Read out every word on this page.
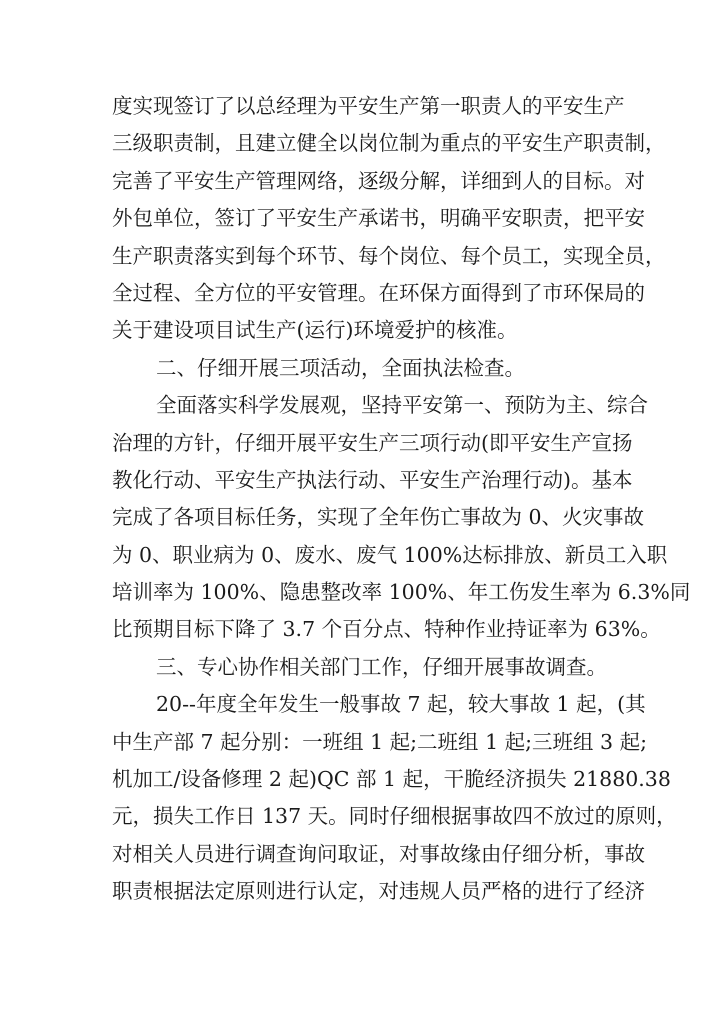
度实现签订了以总经理为平安生产第一职责人的平安生产
三级职责制，且建立健全以岗位制为重点的平安生产职责制，
完善了平安生产管理网络，逐级分解，详细到人的目标。对
外包单位，签订了平安生产承诺书，明确平安职责，把平安
生产职责落实到每个环节、每个岗位、每个员工，实现全员，
全过程、全方位的平安管理。在环保方面得到了市环保局的
关于建设项目试生产(运行)环境爱护的核准。
二、仔细开展三项活动，全面执法检查。
全面落实科学发展观，坚持平安第一、预防为主、综合
治理的方针，仔细开展平安生产三项行动(即平安生产宣扬
教化行动、平安生产执法行动、平安生产治理行动)。基本
完成了各项目标任务，实现了全年伤亡事故为 0、火灾事故
为 0、职业病为 0、废水、废气 100%达标排放、新员工入职
培训率为 100%、隐患整改率 100%、年工伤发生率为 6.3%同
比预期目标下降了 3.7 个百分点、特种作业持证率为 63%。
三、专心协作相关部门工作，仔细开展事故调查。
20--年度全年发生一般事故 7 起，较大事故 1 起，(其
中生产部 7 起分别：一班组 1 起;二班组 1 起;三班组 3 起;
机加工/设备修理 2 起)QC 部 1 起，干脆经济损失 21880.38
元，损失工作日 137 天。同时仔细根据事故四不放过的原则，
对相关人员进行调查询问取证，对事故缘由仔细分析，事故
职责根据法定原则进行认定，对违规人员严格的进行了经济
